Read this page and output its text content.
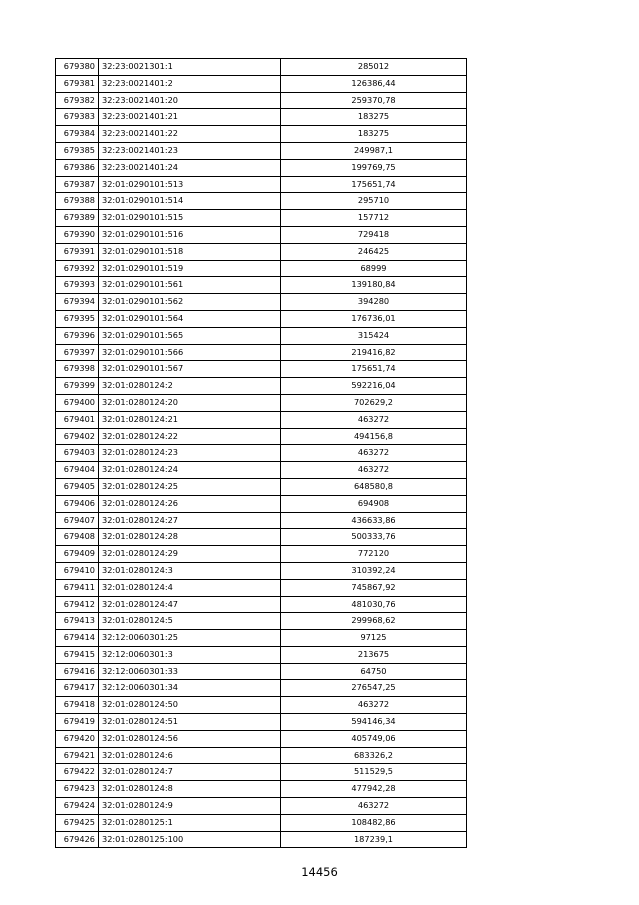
679380	32:23:0021301:1	285012
679381	32:23:0021401:2	126386,44
679382	32:23:0021401:20	259370,78
679383	32:23:0021401:21	183275
679384	32:23:0021401:22	183275
679385	32:23:0021401:23	249987,1
679386	32:23:0021401:24	199769,75
679387	32:01:0290101:513	175651,74
679388	32:01:0290101:514	295710
679389	32:01:0290101:515	157712
679390	32:01:0290101:516	729418
679391	32:01:0290101:518	246425
679392	32:01:0290101:519	68999
679393	32:01:0290101:561	139180,84
679394	32:01:0290101:562	394280
679395	32:01:0290101:564	176736,01
679396	32:01:0290101:565	315424
679397	32:01:0290101:566	219416,82
679398	32:01:0290101:567	175651,74
679399	32:01:0280124:2	592216,04
679400	32:01:0280124:20	702629,2
679401	32:01:0280124:21	463272
679402	32:01:0280124:22	494156,8
679403	32:01:0280124:23	463272
679404	32:01:0280124:24	463272
679405	32:01:0280124:25	648580,8
679406	32:01:0280124:26	694908
679407	32:01:0280124:27	436633,86
679408	32:01:0280124:28	500333,76
679409	32:01:0280124:29	772120
679410	32:01:0280124:3	310392,24
679411	32:01:0280124:4	745867,92
679412	32:01:0280124:47	481030,76
679413	32:01:0280124:5	299968,62
679414	32:12:0060301:25	97125
679415	32:12:0060301:3	213675
679416	32:12:0060301:33	64750
679417	32:12:0060301:34	276547,25
679418	32:01:0280124:50	463272
679419	32:01:0280124:51	594146,34
679420	32:01:0280124:56	405749,06
679421	32:01:0280124:6	683326,2
679422	32:01:0280124:7	511529,5
679423	32:01:0280124:8	477942,28
679424	32:01:0280124:9	463272
679425	32:01:0280125:1	108482,86
679426	32:01:0280125:100	187239,1
14456
